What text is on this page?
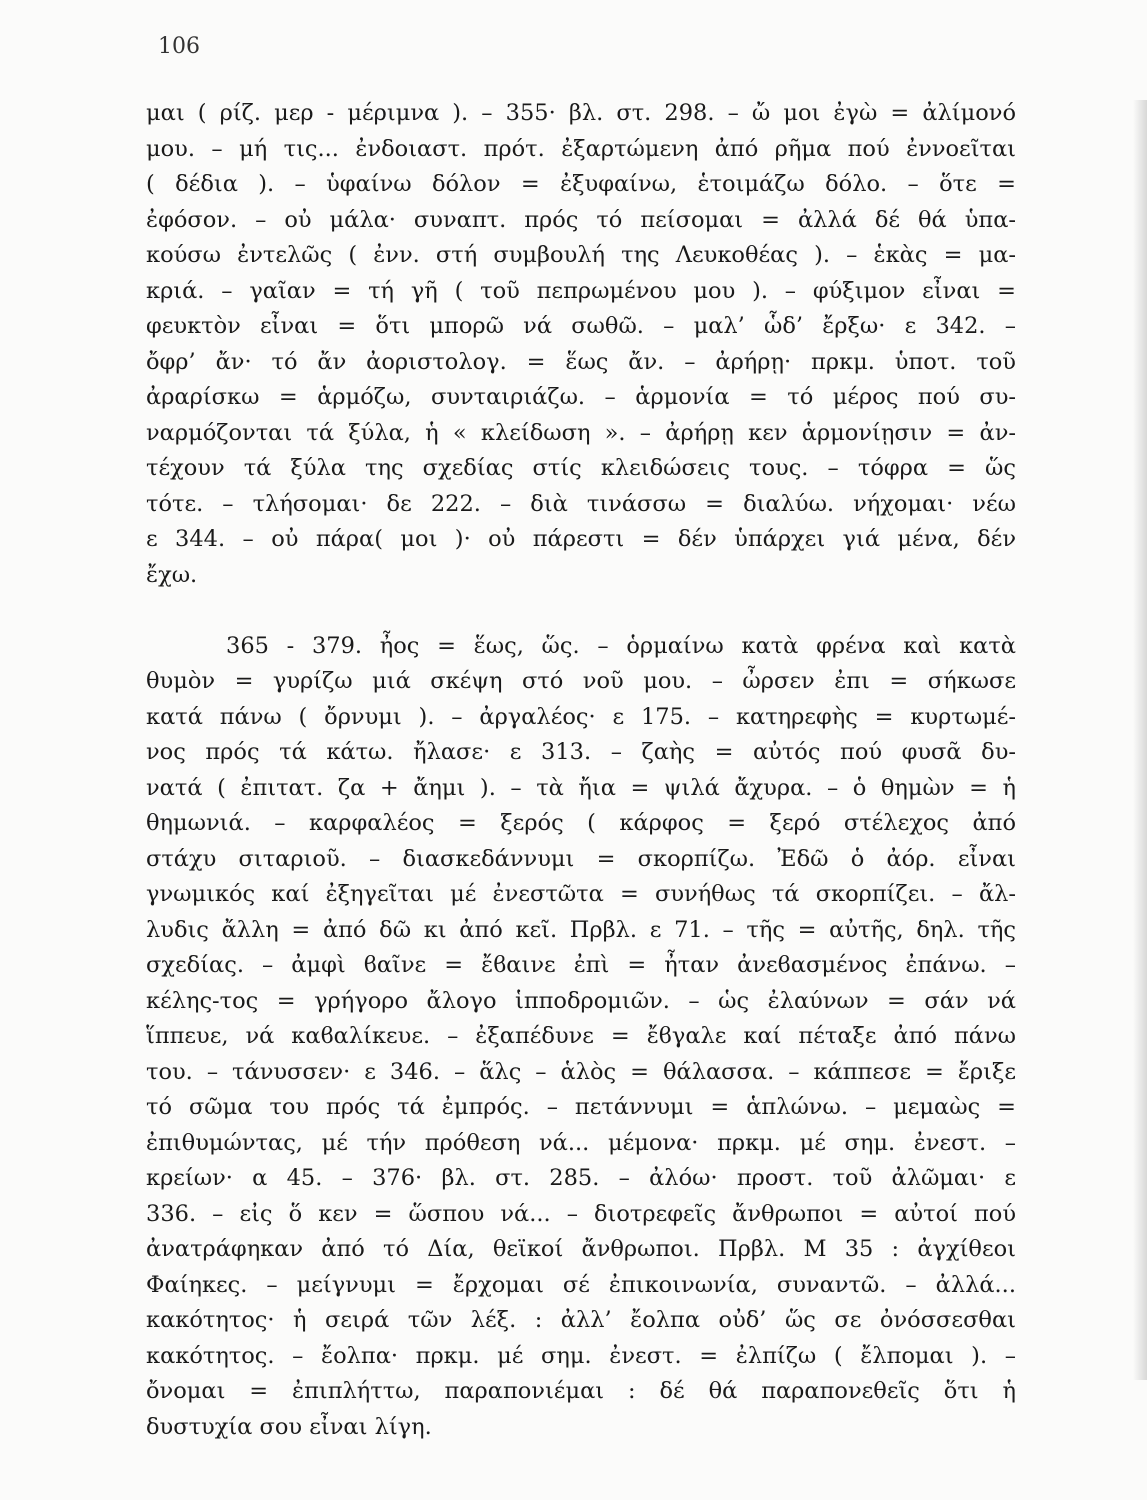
106
μαι ( ρίζ. μερ - μέριμνα ). – 355· βλ. στ. 298. – ὤ μοι ἐγὼ = ἀλίμονό
μου. – μή τις... ἐνδοιαστ. πρότ. ἐξαρτώμενη ἀπό ρῆμα πού ἐννοεῖται
( δέδια ). – ὑφαίνω δόλον = ἐξυφαίνω, ἑτοιμάζω δόλο. – ὅτε =
ἐφόσον. – οὐ μάλα· συναπτ. πρός τό πείσομαι = ἀλλά δέ θά ὑπα-
κούσω ἐντελῶς ( ἐνν. στή συμβουλή της Λευκοθέας ). – ἑκὰς = μα-
κριά. – γαῖαν = τή γῆ ( τοῦ πεπρωμένου μου ). – φύξιμον εἶναι =
φευκτὸν εἶναι = ὅτι μπορῶ νά σωθῶ. – μαλ’ ὧδ’ ἔρξω· ε 342. –
ὄφρ’ ἄν· τό ἄν ἀοριστολογ. = ἕως ἄν. – ἀρήρῃ· πρκμ. ὑποτ. τοῦ
ἀραρίσκω = ἁρμόζω, συνταιριάζω. – ἁρμονία = τό μέρος πού συ-
ναρμόζονται τά ξύλα, ἡ « κλείδωση ». – ἀρήρῃ κεν ἁρμονίῃσιν = ἀν-
τέχουν τά ξύλα της σχεδίας στίς κλειδώσεις τους. – τόφρα = ὥς
τότε. – τλήσομαι· δε 222. – διὰ τινάσσω = διαλύω. νήχομαι· νέω
ε 344. – οὐ πάρα( μοι )· οὐ πάρεστι = δέν ὑπάρχει γιά μένα, δέν
ἔχω.
365 - 379. ἦος = ἕως, ὥς. – ὁρμαίνω κατὰ φρένα καὶ κατὰ
θυμὸν = γυρίζω μιά σκέψη στό νοῦ μου. – ὦρσεν ἐπι = σήκωσε
κατά πάνω ( ὄρνυμι ). – ἀργαλέος· ε 175. – κατηρεφὴς = κυρτωμέ-
νος πρός τά κάτω. ἤλασε· ε 313. – ζαὴς = αὐτός πού φυσᾶ δυ-
νατά ( ἐπιτατ. ζα + ἄημι ). – τὰ ἤια = ψιλά ἄχυρα. – ὁ θημὼν = ἡ
θημωνιά. – καρφαλέος = ξερός ( κάρφος = ξερό στέλεχος ἀπό
στάχυ σιταριοῦ. – διασκεδάννυμι = σκορπίζω. Ἐδῶ ὁ ἀόρ. εἶναι
γνωμικός καί ἐξηγεῖται μέ ἐνεστῶτα = συνήθως τά σκορπίζει. – ἄλ-
λυδις ἄλλη = ἀπό δῶ κι ἀπό κεῖ. Πρβλ. ε 71. – τῆς = αὐτῆς, δηλ. τῆς
σχεδίας. – ἀμφὶ ϐαῖνε = ἔϐαινε ἐπὶ = ἦταν ἀνεϐασμένος ἐπάνω. –
κέλης-τος = γρήγορο ἄλογο ἱπποδρομιῶν. – ὡς ἐλαύνων = σάν νά
ἵππευε, νά καϐαλίκευε. – ἐξαπέδυνε = ἔϐγαλε καί πέταξε ἀπό πάνω
του. – τάνυσσεν· ε 346. – ἅλς – ἁλὸς = θάλασσα. – κάππεσε = ἔριξε
τό σῶμα του πρός τά ἐμπρός. – πετάννυμι = ἁπλώνω. – μεμαὼς =
ἐπιθυμώντας, μέ τήν πρόθεση νά... μέμονα· πρκμ. μέ σημ. ἐνεστ. –
κρείων· α 45. – 376· βλ. στ. 285. – ἀλόω· προστ. τοῦ ἀλῶμαι· ε
336. – εἰς ὅ κεν = ὥσπου νά... – διοτρεφεῖς ἄνθρωποι = αὐτοί πού
ἀνατράφηκαν ἀπό τό Δία, θεϊκοί ἄνθρωποι. Πρβλ. Μ 35 : ἀγχίθεοι
Φαίηκες. – μείγνυμι = ἔρχομαι σέ ἐπικοινωνία, συναντῶ. – ἀλλά...
κακότητος· ἡ σειρά τῶν λέξ. : ἀλλ’ ἔολπα οὐδ’ ὥς σε ὀνόσσεσθαι
κακότητος. – ἔολπα· πρκμ. μέ σημ. ἐνεστ. = ἐλπίζω ( ἔλπομαι ). –
ὄνομαι = ἐπιπλήττω, παραπονιέμαι : δέ θά παραπονεθεῖς ὅτι ἡ
δυστυχία σου εἶναι λίγη.
